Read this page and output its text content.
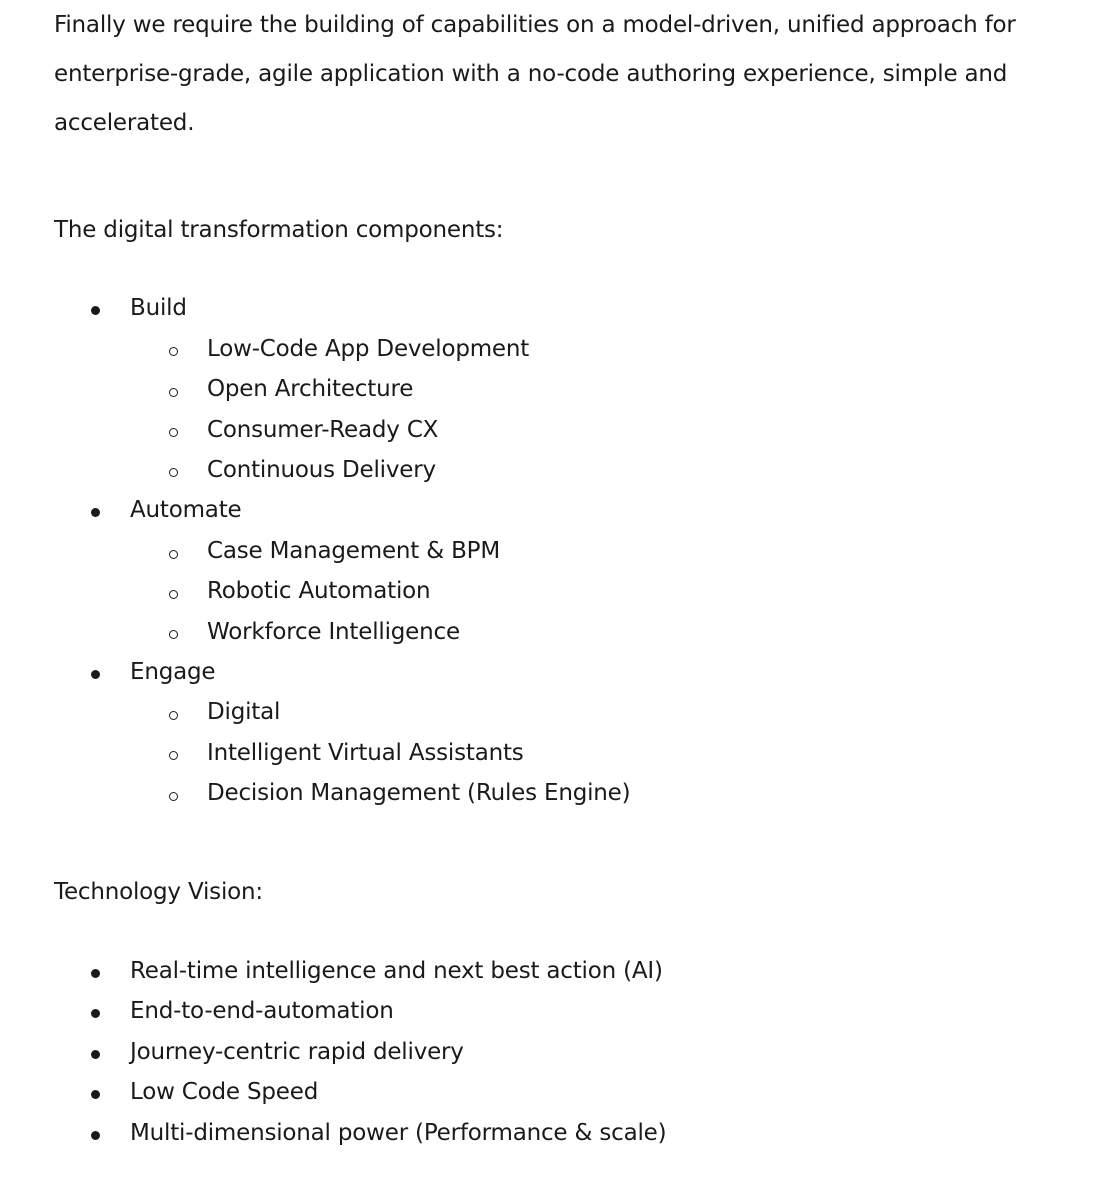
Finally we require the building of capabilities on a model-driven, unified approach for enterprise-grade, agile application with a no-code authoring experience, simple and accelerated.

The digital transformation components:

Build
Low-Code App Development
Open Architecture
Consumer-Ready CX
Continuous Delivery
Automate
Case Management & BPM
Robotic Automation
Workforce Intelligence
Engage
Digital
Intelligent Virtual Assistants
Decision Management (Rules Engine)

Technology Vision:

Real-time intelligence and next best action (AI)
End-to-end-automation
Journey-centric rapid delivery
Low Code Speed
Multi-dimensional power (Performance & scale)
